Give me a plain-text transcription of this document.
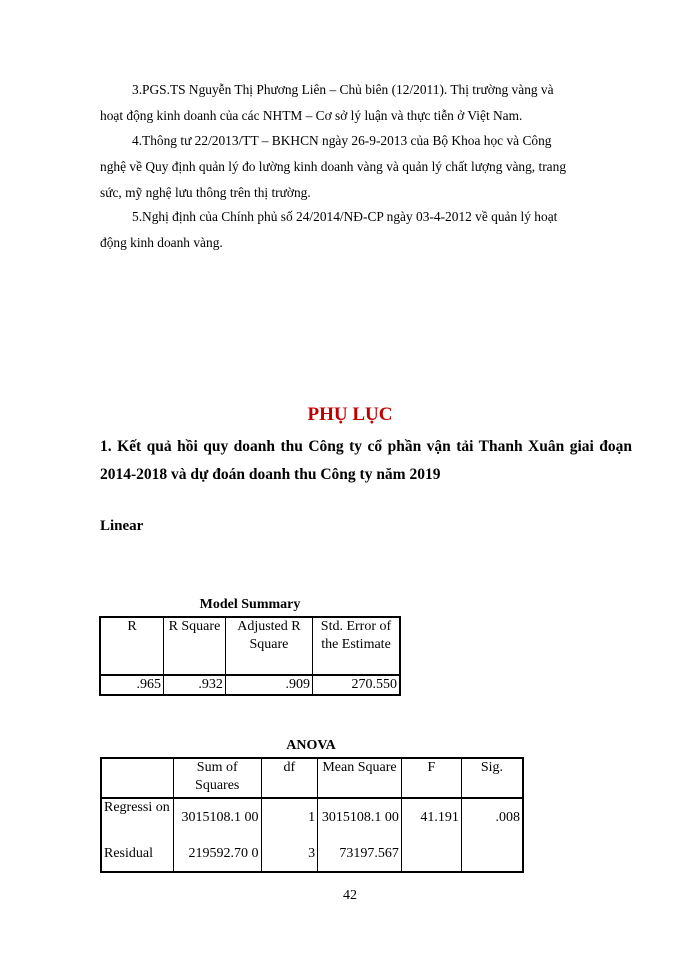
3.PGS.TS Nguyễn Thị Phương Liên – Chủ biên (12/2011). Thị trường vàng và
hoạt động kinh doanh của các NHTM – Cơ sở lý luận và thực tiễn ở Việt Nam.
4.Thông tư 22/2013/TT – BKHCN ngày 26-9-2013 của Bộ Khoa học và Công
nghệ về Quy định quản lý đo lường kinh doanh vàng và quản lý chất lượng vàng, trang
sức, mỹ nghệ lưu thông trên thị trường.
5.Nghị định của Chính phủ số 24/2014/NĐ-CP ngày 03-4-2012 về quản lý hoạt
động kinh doanh vàng.
PHỤ LỤC
1. Kết quả hồi quy doanh thu Công ty cổ phần vận tải Thanh Xuân giai đoạn 2014-2018 và dự đoán doanh thu Công ty năm 2019
Linear
Model Summary
R	R Square	Adjusted R Square	Std. Error of the Estimate
.965	.932	.909	270.550
ANOVA
	Sum of Squares	df	Mean Square	F	Sig.
Regressi on	3015108.1 00	1	3015108.1 00	41.191	.008
Residual	219592.70 0	3	73197.567		
42
